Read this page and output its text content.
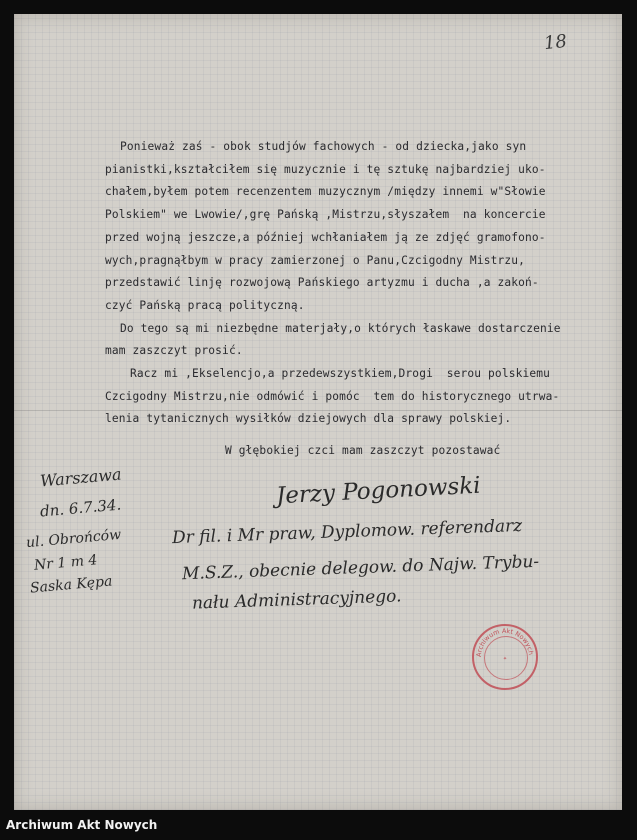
18
Ponieważ zaś - obok studjów fachowych - od dziecka,jako syn
pianistki,kształciłem się muzycznie i tę sztukę najbardziej uko-
chałem,byłem potem recenzentem muzycznym /między innemi w"Słowie
Polskiem" we Lwowie/,grę Pańską ,Mistrzu,słyszałem  na koncercie
przed wojną jeszcze,a później wchłaniałem ją ze zdjęć gramofono-
wych,pragnąłbym w pracy zamierzonej o Panu,Czcigodny Mistrzu,
przedstawić linję rozwojową Pańskiego artyzmu i ducha ,a zakoń-
czyć Pańską pracą polityczną.
Do tego są mi niezbędne materjały,o których łaskawe dostarczenie
mam zaszczyt prosić.
Racz mi ,Ekselencjo,a przedewszystkiem,Drogi  serou polskiemu
Czcigodny Mistrzu,nie odmówić i pomóc  tem do historycznego utrwa-
lenia tytanicznych wysiłków dziejowych dla sprawy polskiej.
W głębokiej czci mam zaszczyt pozostawać
Jerzy Pogonowski
Dr fil. i Mr praw, Dyplomow. referendarz
M.S.Z., obecnie delegow. do Najw. Trybu-
nału Administracyjnego.
Warszawa
dn. 6.7.34.
ul. Obrońców
Nr 1 m 4
Saska Kępa
Archiwum Akt Nowych
✦
Archiwum Akt Nowych
